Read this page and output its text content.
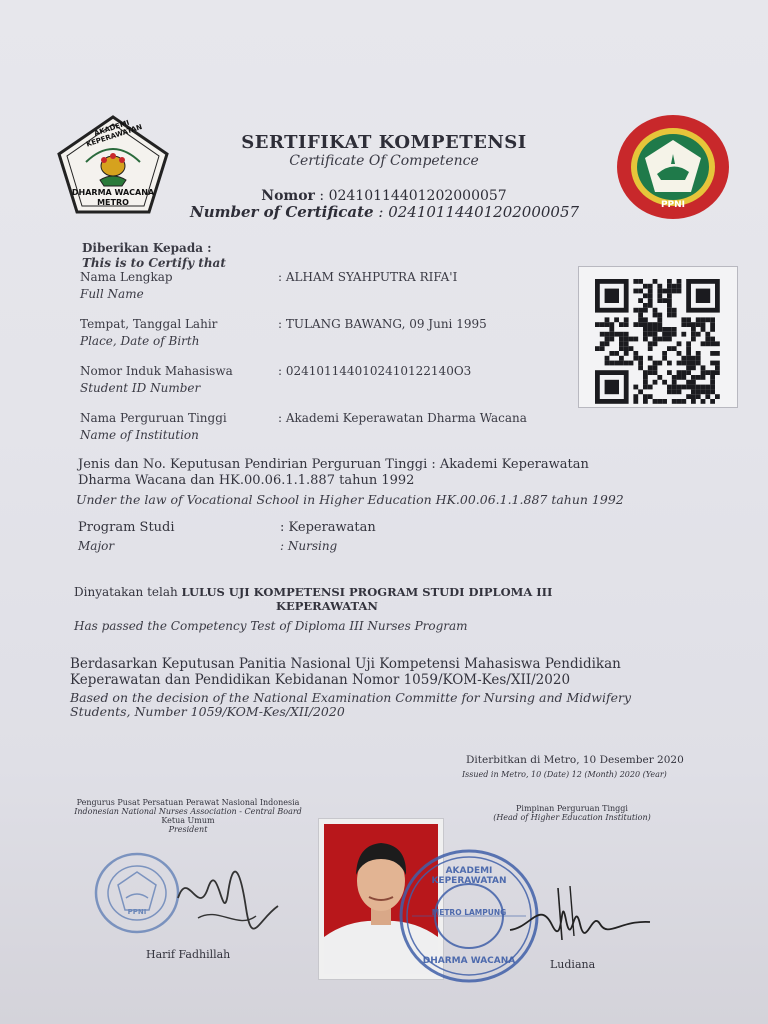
AKADEMI KEPERAWATAN
DHARMA WACANA
METRO	PPNI
SERTIFIKAT KOMPETENSI
Certificate Of Competence
Nomor : 02410114401202000057
Number of Certificate : 02410114401202000057
Diberikan Kepada :
This is to Certify that
Nama Lengkap
Full Name
: ALHAM SYAHPUTRA RIFA'I
Tempat, Tanggal Lahir
Place, Date of Birth
: TULANG BAWANG, 09 Juni 1995
Nomor Induk Mahasiswa
Student ID Number
: 0241011440102410122140O3
Nama Perguruan Tinggi
Name of Institution
: Akademi Keperawatan Dharma Wacana
Jenis dan No. Keputusan Pendirian Perguruan Tinggi : Akademi Keperawatan
Dharma Wacana dan HK.00.06.1.1.887 tahun 1992
Under the law of Vocational School in Higher Education HK.00.06.1.1.887 tahun 1992
Program Studi
Major
: Keperawatan
: Nursing
Dinyatakan telah LULUS UJI KOMPETENSI PROGRAM STUDI DIPLOMA III
KEPERAWATAN
Has passed the Competency Test of Diploma III Nurses Program
Berdasarkan Keputusan Panitia Nasional Uji Kompetensi Mahasiswa Pendidikan
Keperawatan dan Pendidikan Kebidanan Nomor 1059/KOM-Kes/XII/2020
Based on the decision of the National Examination Committe for Nursing and Midwifery
Students, Number 1059/KOM-Kes/XII/2020
Diterbitkan di Metro, 10 Desember 2020
Issued in Metro, 10 (Date) 12 (Month) 2020 (Year)
Pengurus Pusat Persatuan Perawat Nasional Indonesia
Indonesian National Nurses Association - Central Board
Ketua Umum
President
PPNI
Harif Fadhillah
Pimpinan Perguruan Tinggi
(Head of Higher Education Institution)
AKADEMI KEPERAWATAN
METRO LAMPUNG
DHARMA WACANA	Ludiana
